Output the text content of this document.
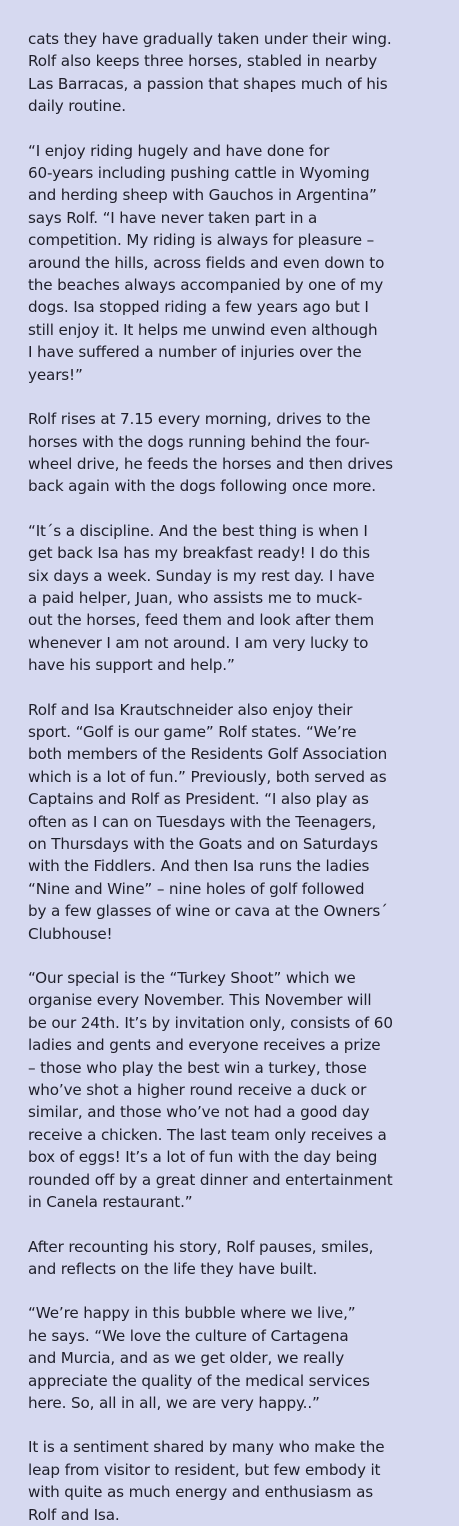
cats they have gradually taken under their wing.
Rolf also keeps three horses, stabled in nearby
Las Barracas, a passion that shapes much of his
daily routine.

“I enjoy riding hugely and have done for
60-years including pushing cattle in Wyoming
and herding sheep with Gauchos in Argentina”
says Rolf. “I have never taken part in a
competition. My riding is always for pleasure –
around the hills, across fields and even down to
the beaches always accompanied by one of my
dogs. Isa stopped riding a few years ago but I
still enjoy it. It helps me unwind even although
I have suffered a number of injuries over the
years!”

Rolf rises at 7.15 every morning, drives to the
horses with the dogs running behind the four-
wheel drive, he feeds the horses and then drives
back again with the dogs following once more.

“It´s a discipline. And the best thing is when I
get back Isa has my breakfast ready! I do this
six days a week. Sunday is my rest day. I have
a paid helper, Juan, who assists me to muck-
out the horses, feed them and look after them
whenever I am not around. I am very lucky to
have his support and help.”

Rolf and Isa Krautschneider also enjoy their
sport. “Golf is our game” Rolf states. “We’re
both members of the Residents Golf Association
which is a lot of fun.” Previously, both served as
Captains and Rolf as President. “I also play as
often as I can on Tuesdays with the Teenagers,
on Thursdays with the Goats and on Saturdays
with the Fiddlers. And then Isa runs the ladies
“Nine and Wine” – nine holes of golf followed
by a few glasses of wine or cava at the Owners´
Clubhouse!

“Our special is the “Turkey Shoot” which we
organise every November. This November will
be our 24th. It’s by invitation only, consists of 60
ladies and gents and everyone receives a prize
– those who play the best win a turkey, those
who’ve shot a higher round receive a duck or
similar, and those who’ve not had a good day
receive a chicken. The last team only receives a
box of eggs! It’s a lot of fun with the day being
rounded off by a great dinner and entertainment
in Canela restaurant.”

After recounting his story, Rolf pauses, smiles,
and reflects on the life they have built.

“We’re happy in this bubble where we live,”
he says. “We love the culture of Cartagena
and Murcia, and as we get older, we really
appreciate the quality of the medical services
here. So, all in all, we are very happy..”

It is a sentiment shared by many who make the
leap from visitor to resident, but few embody it
with quite as much energy and enthusiasm as
Rolf and Isa.
